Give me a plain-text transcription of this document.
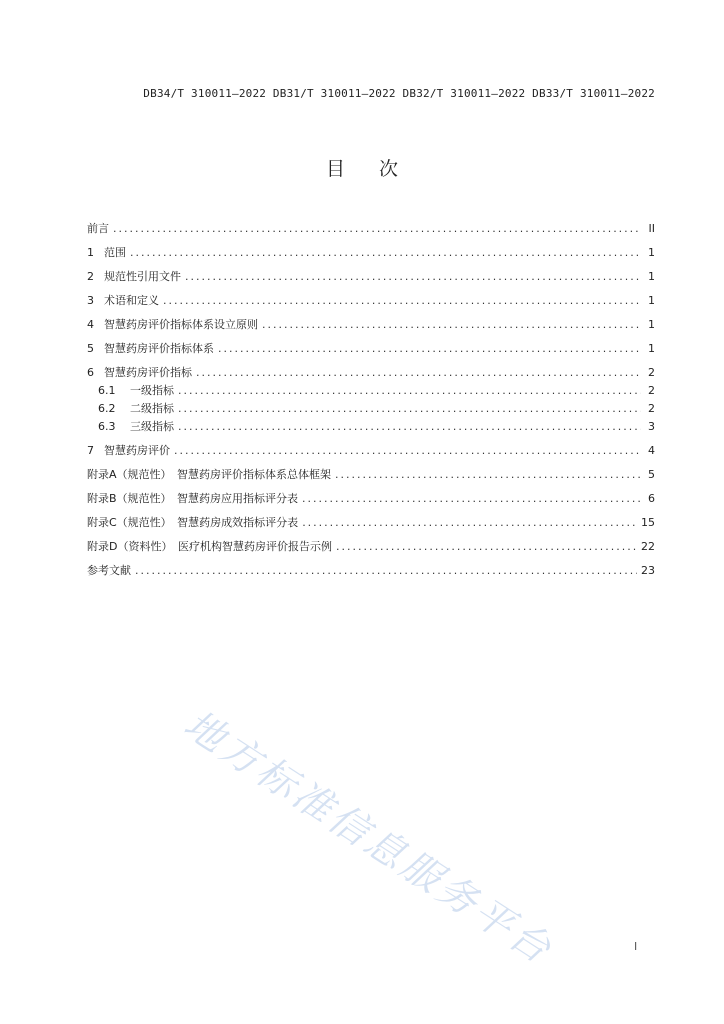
DB34/T 310011—2022 DB31/T 310011—2022 DB32/T 310011—2022 DB33/T 310011—2022
目次
前言 .....	II
1 范围 .....	1
2 规范性引用文件 .....	1
3 术语和定义 .....	1
4 智慧药房评价指标体系设立原则 .....	1
5 智慧药房评价指标体系 .....	1
6 智慧药房评价指标 .....	2
6.1	一级指标 .....	2
6.2	二级指标 .....	2
6.3	三级指标 .....	3
7 智慧药房评价 .....	4
附录A（规范性）　智慧药房评价指标体系总体框架 .....	5
附录B（规范性）　智慧药房应用指标评分表 .....	6
附录C（规范性）　智慧药房成效指标评分表 .....	15
附录D（资料性）　医疗机构智慧药房评价报告示例 .....	22
参考文献 .....	23
地方标准信息服务平台	I
